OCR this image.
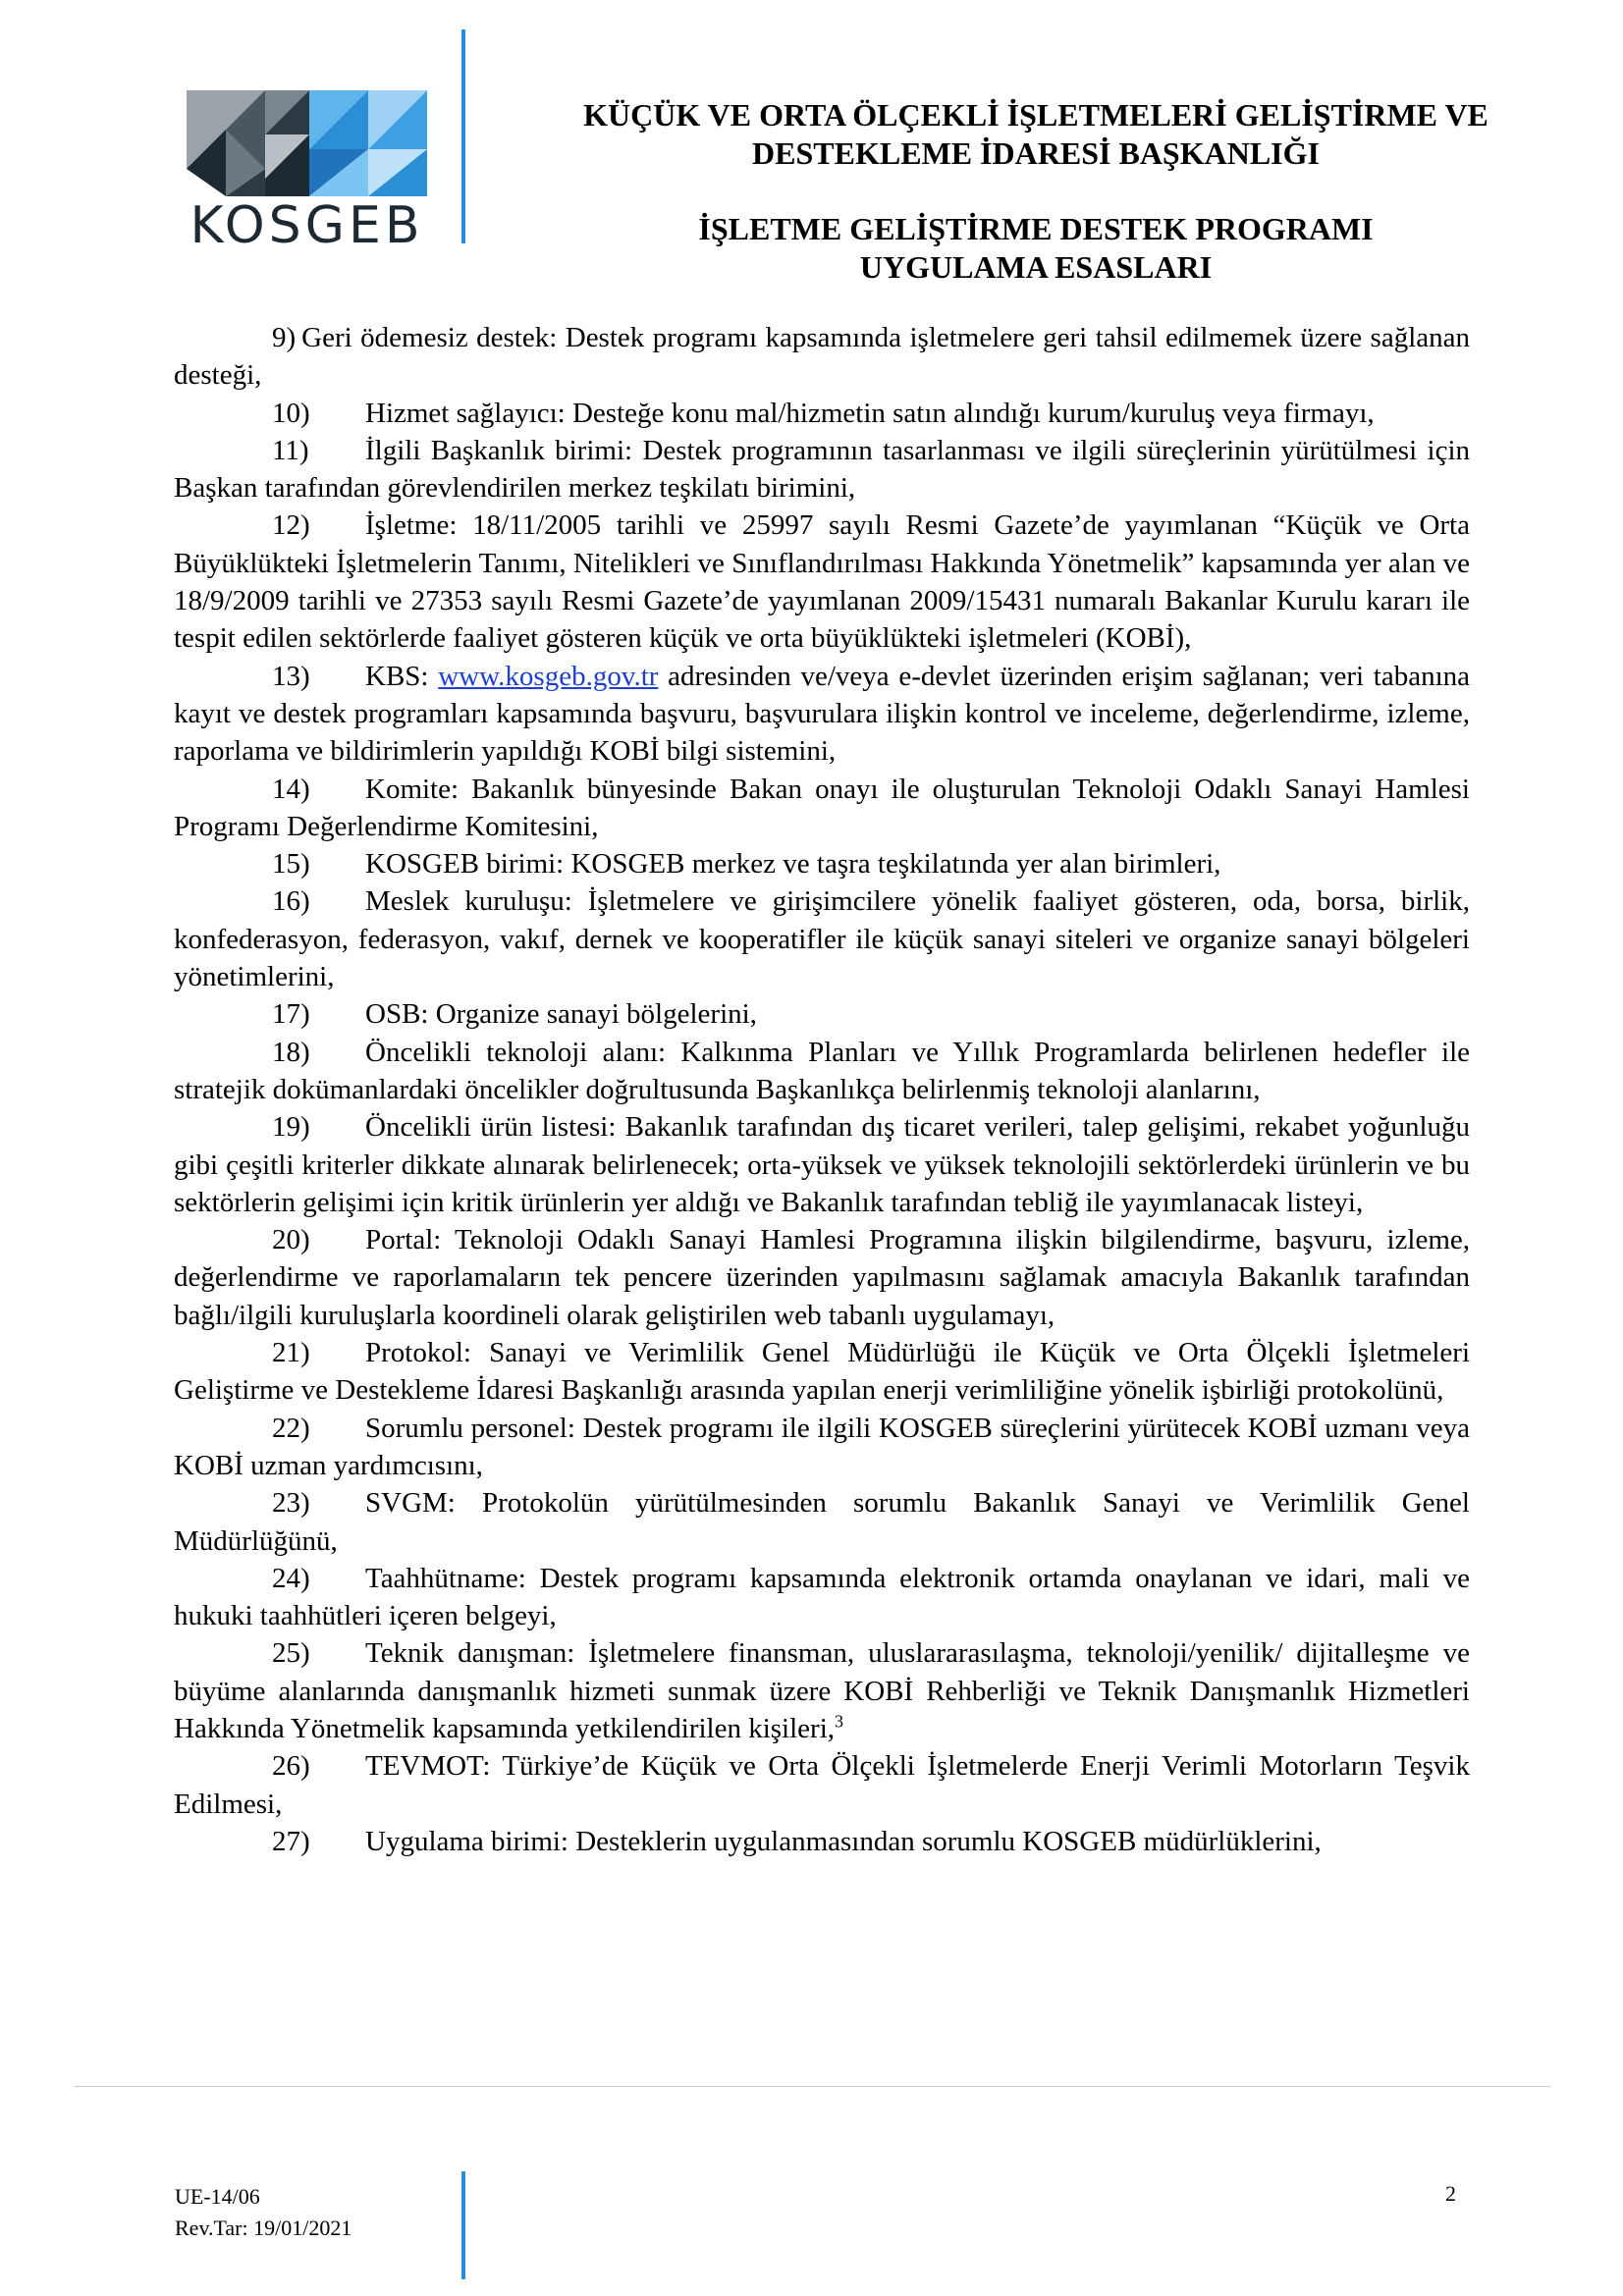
KOSGEB
KÜÇÜK VE ORTA ÖLÇEKLİ İŞLETMELERİ GELİŞTİRME VE
DESTEKLEME İDARESİ BAŞKANLIĞI
İŞLETME GELİŞTİRME DESTEK PROGRAMI
UYGULAMA ESASLARI

9) Geri ödemesiz destek: Destek programı kapsamında işletmelere geri tahsil edilmemek üzere sağlanan desteği,

10) Hizmet sağlayıcı: Desteğe konu mal/hizmetin satın alındığı kurum/kuruluş veya firmayı,

11) İlgili Başkanlık birimi: Destek programının tasarlanması ve ilgili süreçlerinin yürütülmesi için Başkan tarafından görevlendirilen merkez teşkilatı birimini,

12) İşletme: 18/11/2005 tarihli ve 25997 sayılı Resmi Gazete’de yayımlanan “Küçük ve Orta Büyüklükteki İşletmelerin Tanımı, Nitelikleri ve Sınıflandırılması Hakkında Yönetmelik” kapsamında yer alan ve 18/9/2009 tarihli ve 27353 sayılı Resmi Gazete’de yayımlanan 2009/15431 numaralı Bakanlar Kurulu kararı ile tespit edilen sektörlerde faaliyet gösteren küçük ve orta büyüklükteki işletmeleri (KOBİ),

13) KBS: www.kosgeb.gov.tr adresinden ve/veya e-devlet üzerinden erişim sağlanan; veri tabanına kayıt ve destek programları kapsamında başvuru, başvurulara ilişkin kontrol ve inceleme, değerlendirme, izleme, raporlama ve bildirimlerin yapıldığı KOBİ bilgi sistemini,

14) Komite: Bakanlık bünyesinde Bakan onayı ile oluşturulan Teknoloji Odaklı Sanayi Hamlesi Programı Değerlendirme Komitesini,

15) KOSGEB birimi: KOSGEB merkez ve taşra teşkilatında yer alan birimleri,

16) Meslek kuruluşu: İşletmelere ve girişimcilere yönelik faaliyet gösteren, oda, borsa, birlik, konfederasyon, federasyon, vakıf, dernek ve kooperatifler ile küçük sanayi siteleri ve organize sanayi bölgeleri yönetimlerini,

17) OSB: Organize sanayi bölgelerini,

18) Öncelikli teknoloji alanı: Kalkınma Planları ve Yıllık Programlarda belirlenen hedefler ile stratejik dokümanlardaki öncelikler doğrultusunda Başkanlıkça belirlenmiş teknoloji alanlarını,

19) Öncelikli ürün listesi: Bakanlık tarafından dış ticaret verileri, talep gelişimi, rekabet yoğunluğu gibi çeşitli kriterler dikkate alınarak belirlenecek; orta-yüksek ve yüksek teknolojili sektörlerdeki ürünlerin ve bu sektörlerin gelişimi için kritik ürünlerin yer aldığı ve Bakanlık tarafından tebliğ ile yayımlanacak listeyi,

20) Portal: Teknoloji Odaklı Sanayi Hamlesi Programına ilişkin bilgilendirme, başvuru, izleme, değerlendirme ve raporlamaların tek pencere üzerinden yapılmasını sağlamak amacıyla Bakanlık tarafından bağlı/ilgili kuruluşlarla koordineli olarak geliştirilen web tabanlı uygulamayı,

21) Protokol: Sanayi ve Verimlilik Genel Müdürlüğü ile Küçük ve Orta Ölçekli İşletmeleri Geliştirme ve Destekleme İdaresi Başkanlığı arasında yapılan enerji verimliliğine yönelik işbirliği protokolünü,

22) Sorumlu personel: Destek programı ile ilgili KOSGEB süreçlerini yürütecek KOBİ uzmanı veya KOBİ uzman yardımcısını,

23) SVGM: Protokolün yürütülmesinden sorumlu Bakanlık Sanayi ve Verimlilik Genel Müdürlüğünü,

24) Taahhütname: Destek programı kapsamında elektronik ortamda onaylanan ve idari, mali ve hukuki taahhütleri içeren belgeyi,

25) Teknik danışman: İşletmelere finansman, uluslararasılaşma, teknoloji/yenilik/ dijitalleşme ve büyüme alanlarında danışmanlık hizmeti sunmak üzere KOBİ Rehberliği ve Teknik Danışmanlık Hizmetleri Hakkında Yönetmelik kapsamında yetkilendirilen kişileri,$^3$

26) TEVMOT: Türkiye’de Küçük ve Orta Ölçekli İşletmelerde Enerji Verimli Motorların Teşvik Edilmesi,

27) Uygulama birimi: Desteklerin uygulanmasından sorumlu KOSGEB müdürlüklerini,

UE-14/06
Rev.Tar: 19/01/2021
2
